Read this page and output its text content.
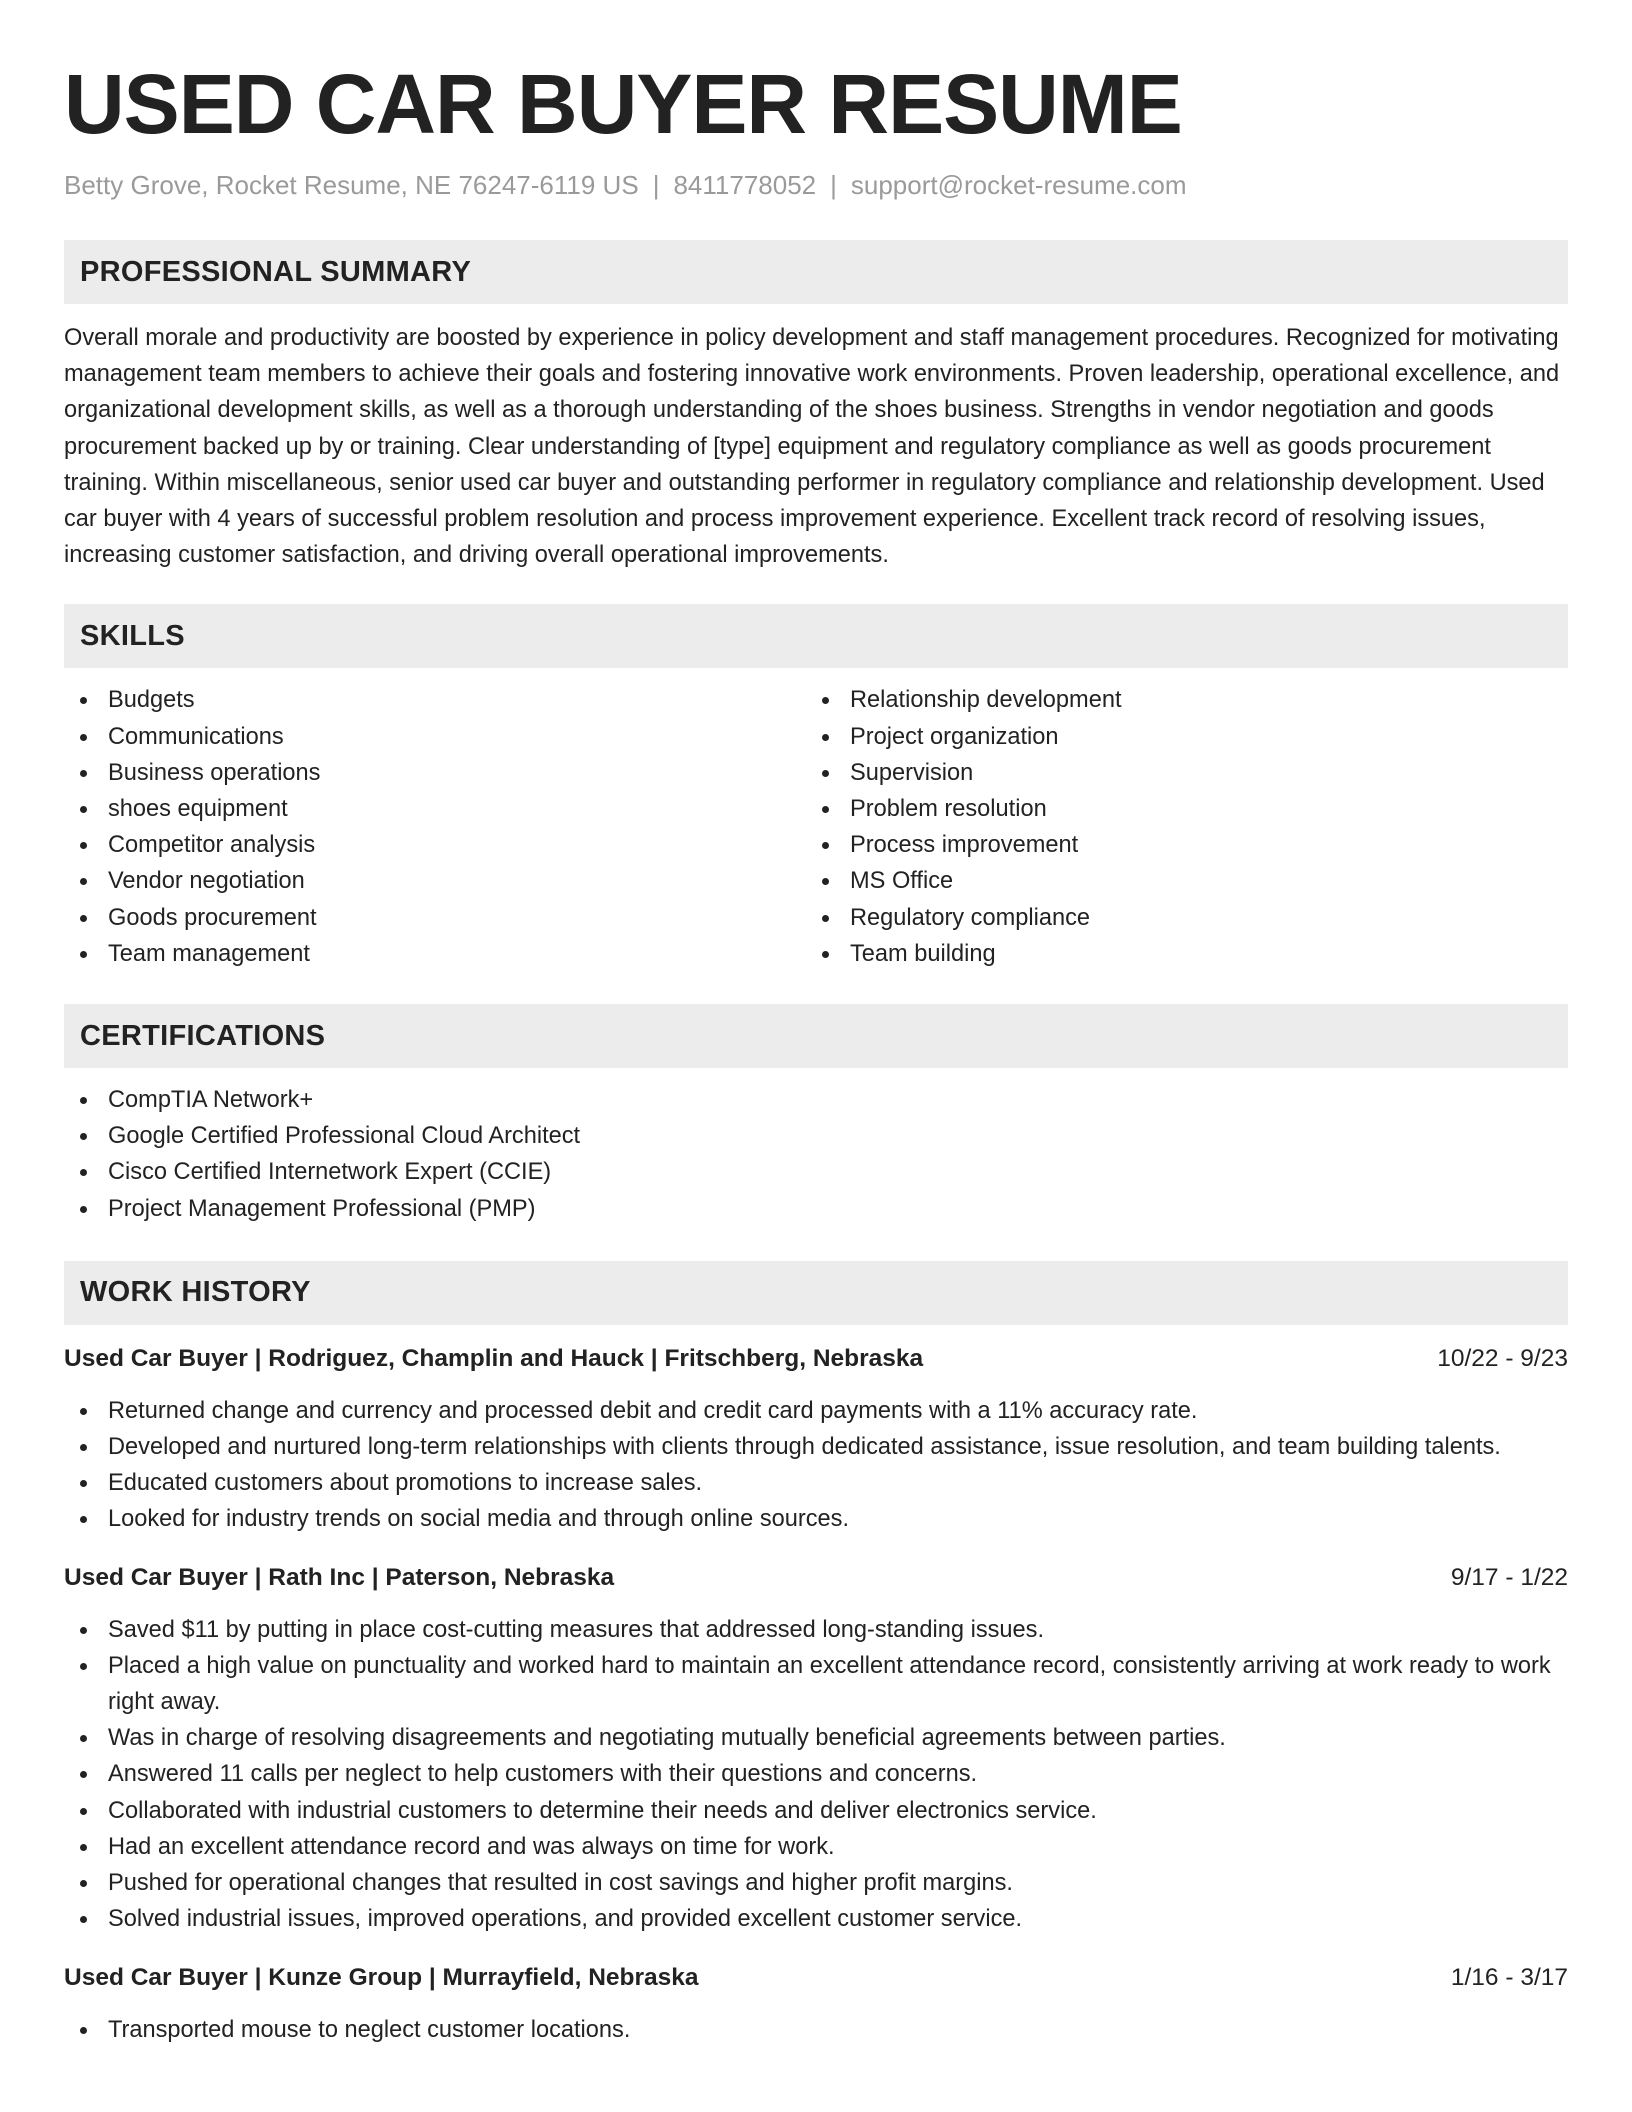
USED CAR BUYER RESUME
Betty Grove, Rocket Resume, NE 76247-6119 US | 8411778052 | support@rocket-resume.com
PROFESSIONAL SUMMARY
Overall morale and productivity are boosted by experience in policy development and staff management procedures. Recognized for motivating management team members to achieve their goals and fostering innovative work environments. Proven leadership, operational excellence, and organizational development skills, as well as a thorough understanding of the shoes business. Strengths in vendor negotiation and goods procurement backed up by or training. Clear understanding of [type] equipment and regulatory compliance as well as goods procurement training. Within miscellaneous, senior used car buyer and outstanding performer in regulatory compliance and relationship development. Used car buyer with 4 years of successful problem resolution and process improvement experience. Excellent track record of resolving issues, increasing customer satisfaction, and driving overall operational improvements.
SKILLS
Budgets
Communications
Business operations
shoes equipment
Competitor analysis
Vendor negotiation
Goods procurement
Team management
Relationship development
Project organization
Supervision
Problem resolution
Process improvement
MS Office
Regulatory compliance
Team building
CERTIFICATIONS
CompTIA Network+
Google Certified Professional Cloud Architect
Cisco Certified Internetwork Expert (CCIE)
Project Management Professional (PMP)
WORK HISTORY
Used Car Buyer | Rodriguez, Champlin and Hauck | Fritschberg, Nebraska	10/22 - 9/23
Returned change and currency and processed debit and credit card payments with a 11% accuracy rate.
Developed and nurtured long-term relationships with clients through dedicated assistance, issue resolution, and team building talents.
Educated customers about promotions to increase sales.
Looked for industry trends on social media and through online sources.
Used Car Buyer | Rath Inc | Paterson, Nebraska	9/17 - 1/22
Saved $11 by putting in place cost-cutting measures that addressed long-standing issues.
Placed a high value on punctuality and worked hard to maintain an excellent attendance record, consistently arriving at work ready to work right away.
Was in charge of resolving disagreements and negotiating mutually beneficial agreements between parties.
Answered 11 calls per neglect to help customers with their questions and concerns.
Collaborated with industrial customers to determine their needs and deliver electronics service.
Had an excellent attendance record and was always on time for work.
Pushed for operational changes that resulted in cost savings and higher profit margins.
Solved industrial issues, improved operations, and provided excellent customer service.
Used Car Buyer | Kunze Group | Murrayfield, Nebraska	1/16 - 3/17
Transported mouse to neglect customer locations.
